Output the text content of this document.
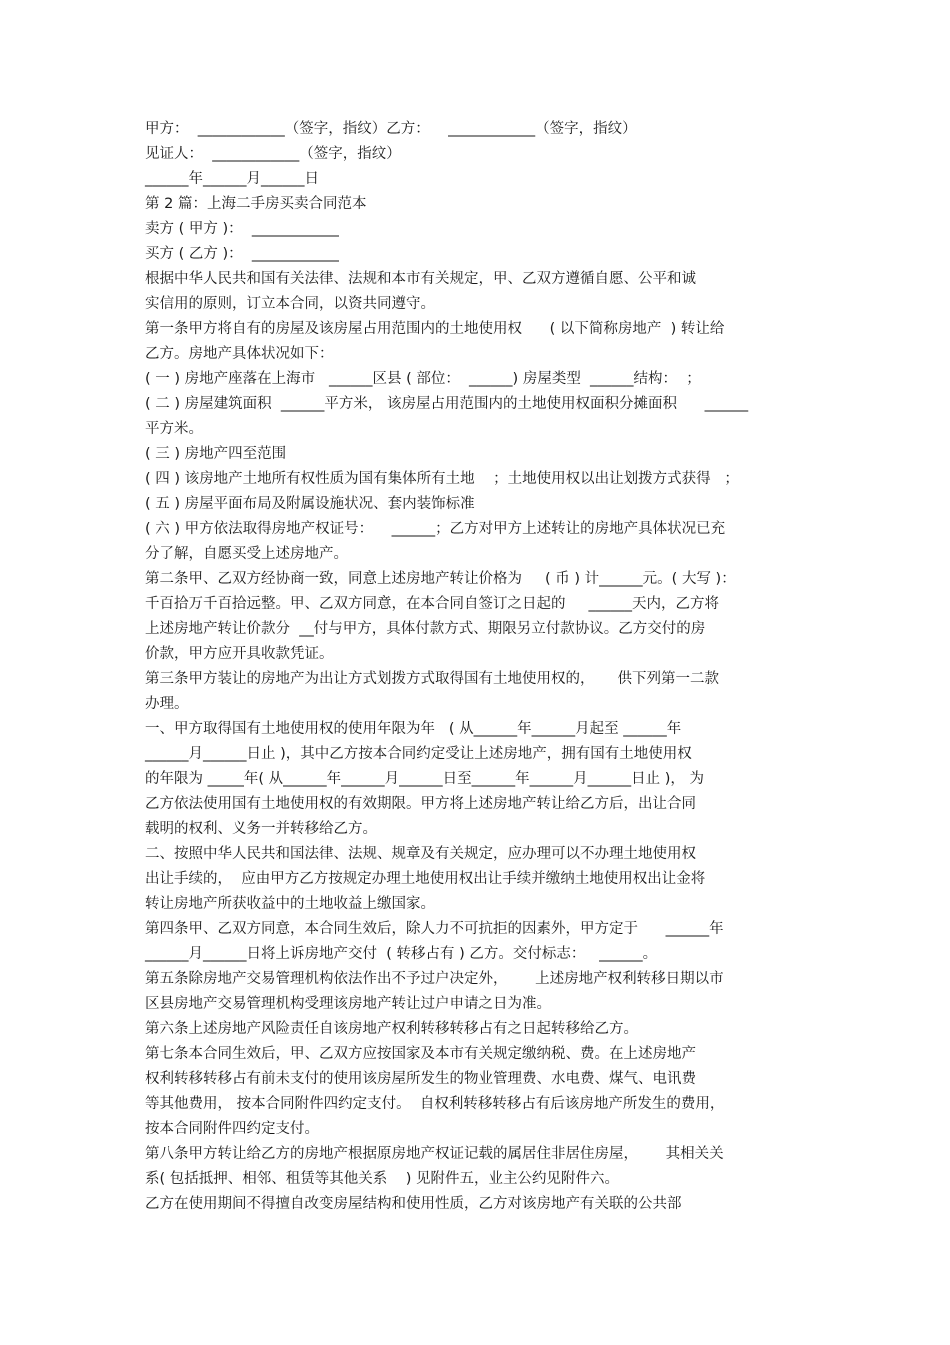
甲方：  ____________（签字，指纹）乙方：    ____________（签字，指纹）
见证人：  ____________（签字，指纹）
______年______月______日
第 2 篇：上海二手房买卖合同范本
卖方 ( 甲方 )：  ____________
买方 ( 乙方 )：  ____________
根据中华人民共和国有关法律、法规和本市有关规定，甲、乙双方遵循自愿、公平和诚
实信用的原则，订立本合同，以资共同遵守。
第一条甲方将自有的房屋及该房屋占用范围内的土地使用权      ( 以下简称房地产  ) 转让给
乙方。房地产具体状况如下：
( 一 ) 房地产座落在上海市   ______区县 ( 部位：  ______) 房屋类型  ______结构：  ；
( 二 ) 房屋建筑面积  ______平方米， 该房屋占用范围内的土地使用权面积分摊面积      ______
平方米。
( 三 ) 房地产四至范围
( 四 ) 该房地产土地所有权性质为国有集体所有土地    ；土地使用权以出让划拨方式获得   ；
( 五 ) 房屋平面布局及附属设施状况、套内装饰标准
( 六 ) 甲方依法取得房地产权证号：    ______；乙方对甲方上述转让的房地产具体状况已充
分了解，自愿买受上述房地产。
第二条甲、乙双方经协商一致，同意上述房地产转让价格为     ( 币 ) 计______元。( 大写 )：
千百拾万千百拾远整。甲、乙双方同意，在本合同自签订之日起的     ______天内，乙方将
上述房地产转让价款分  __付与甲方，具体付款方式、期限另立付款协议。乙方交付的房
价款，甲方应开具收款凭证。
第三条甲方装让的房地产为出让方式划拨方式取得国有土地使用权的，     供下列第一二款
办理。
一、甲方取得国有土地使用权的使用年限为年   ( 从______年______月起至 ______年
______月______日止 )，其中乙方按本合同约定受让上述房地产，拥有国有土地使用权
的年限为 _____年( 从______年______月______日至______年______月______日止 )， 为
乙方依法使用国有土地使用权的有效期限。甲方将上述房地产转让给乙方后，出让合同
载明的权利、义务一并转移给乙方。
二、按照中华人民共和国法律、法规、规章及有关规定，应办理可以不办理土地使用权
出让手续的，  应由甲方乙方按规定办理土地使用权出让手续并缴纳土地使用权出让金将
转让房地产所获收益中的土地收益上缴国家。
第四条甲、乙双方同意，本合同生效后，除人力不可抗拒的因素外，甲方定于      ______年
______月______日将上诉房地产交付  ( 转移占有 ) 乙方。交付标志：   ______。
第五条除房地产交易管理机构依法作出不予过户决定外，      上述房地产权利转移日期以市
区县房地产交易管理机构受理该房地产转让过户申请之日为准。
第六条上述房地产风险责任自该房地产权利转移转移占有之日起转移给乙方。
第七条本合同生效后，甲、乙双方应按国家及本市有关规定缴纳税、费。在上述房地产
权利转移转移占有前未支付的使用该房屋所发生的物业管理费、水电费、煤气、电讯费
等其他费用， 按本合同附件四约定支付。  自权利转移转移占有后该房地产所发生的费用，
按本合同附件四约定支付。
第八条甲方转让给乙方的房地产根据原房地产权证记载的属居住非居住房屋，      其相关关
系( 包括抵押、相邻、租赁等其他关系    ) 见附件五，业主公约见附件六。
乙方在使用期间不得擅自改变房屋结构和使用性质，乙方对该房地产有关联的公共部
